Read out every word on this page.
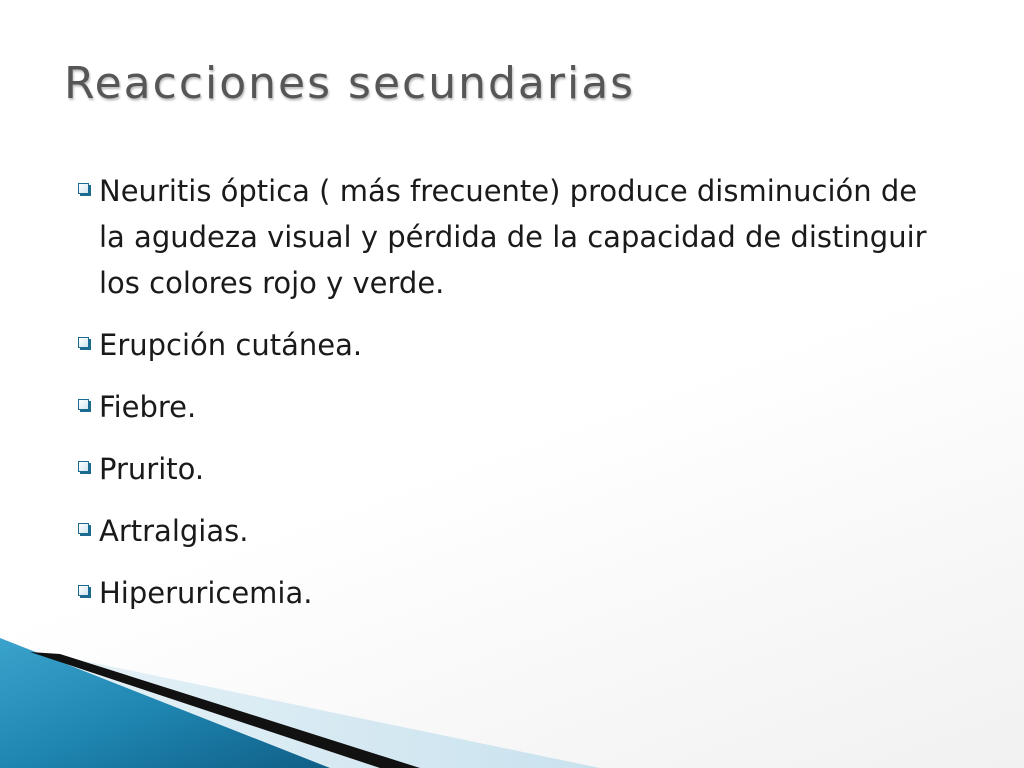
Reacciones secundarias
Neuritis óptica ( más frecuente) produce disminución de la agudeza visual y pérdida de la capacidad de distinguir los colores rojo y verde.
Erupción cutánea.
Fiebre.
Prurito.
Artralgias.
Hiperuricemia.
